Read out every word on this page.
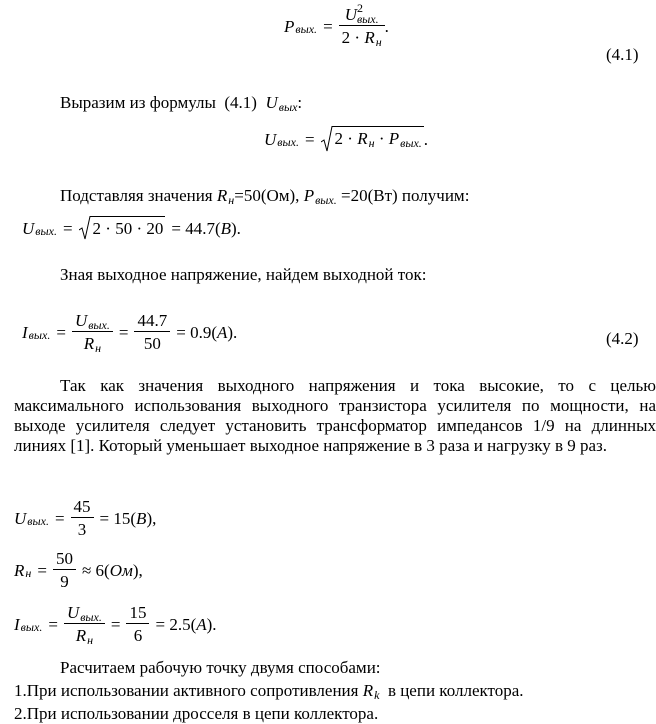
P вых. = $\frac{U^2вых.}{2 \cdot Rн}$ .
(4.1)
Выразим из формулы (4.1) Uвых:
U вых. = 2 · Rн · Pвых. .
Подставляя значения Rн=50(Ом), Pвых. =20(Вт) получим:
U вых. = 2 · 50 · 20 = 44.7( B ).
Зная выходное напряжение, найдем выходной ток:
I вых. = $\frac{\text{Uвых.}}{Rн} = \frac{44.7}{50} = 0.9$( A ).	(4.2)

Так как значения выходного напряжения и тока высокие, то с целью максимального использования выходного транзистора усилителя по мощности, на выходе усилителя следует установить трансформатор импедансов 1/9 на длинных линиях [1]. Который уменьшает выходное напряжение в 3 раза и нагрузку в 9 раз.

U вых. = $\frac{45}{3} = 15$( B ),
R $н = \frac{50}{9} \approx 6$( Ом ),
I вых. = $\frac{\text{Uвых.}}{Rн} = \frac{15}{6} = 2.5$( A ).
Расчитаем рабочую точку двумя способами:
1.При использовании активного сопротивления Rk в цепи коллектора.
2.При использовании дросселя в цепи коллектора.
